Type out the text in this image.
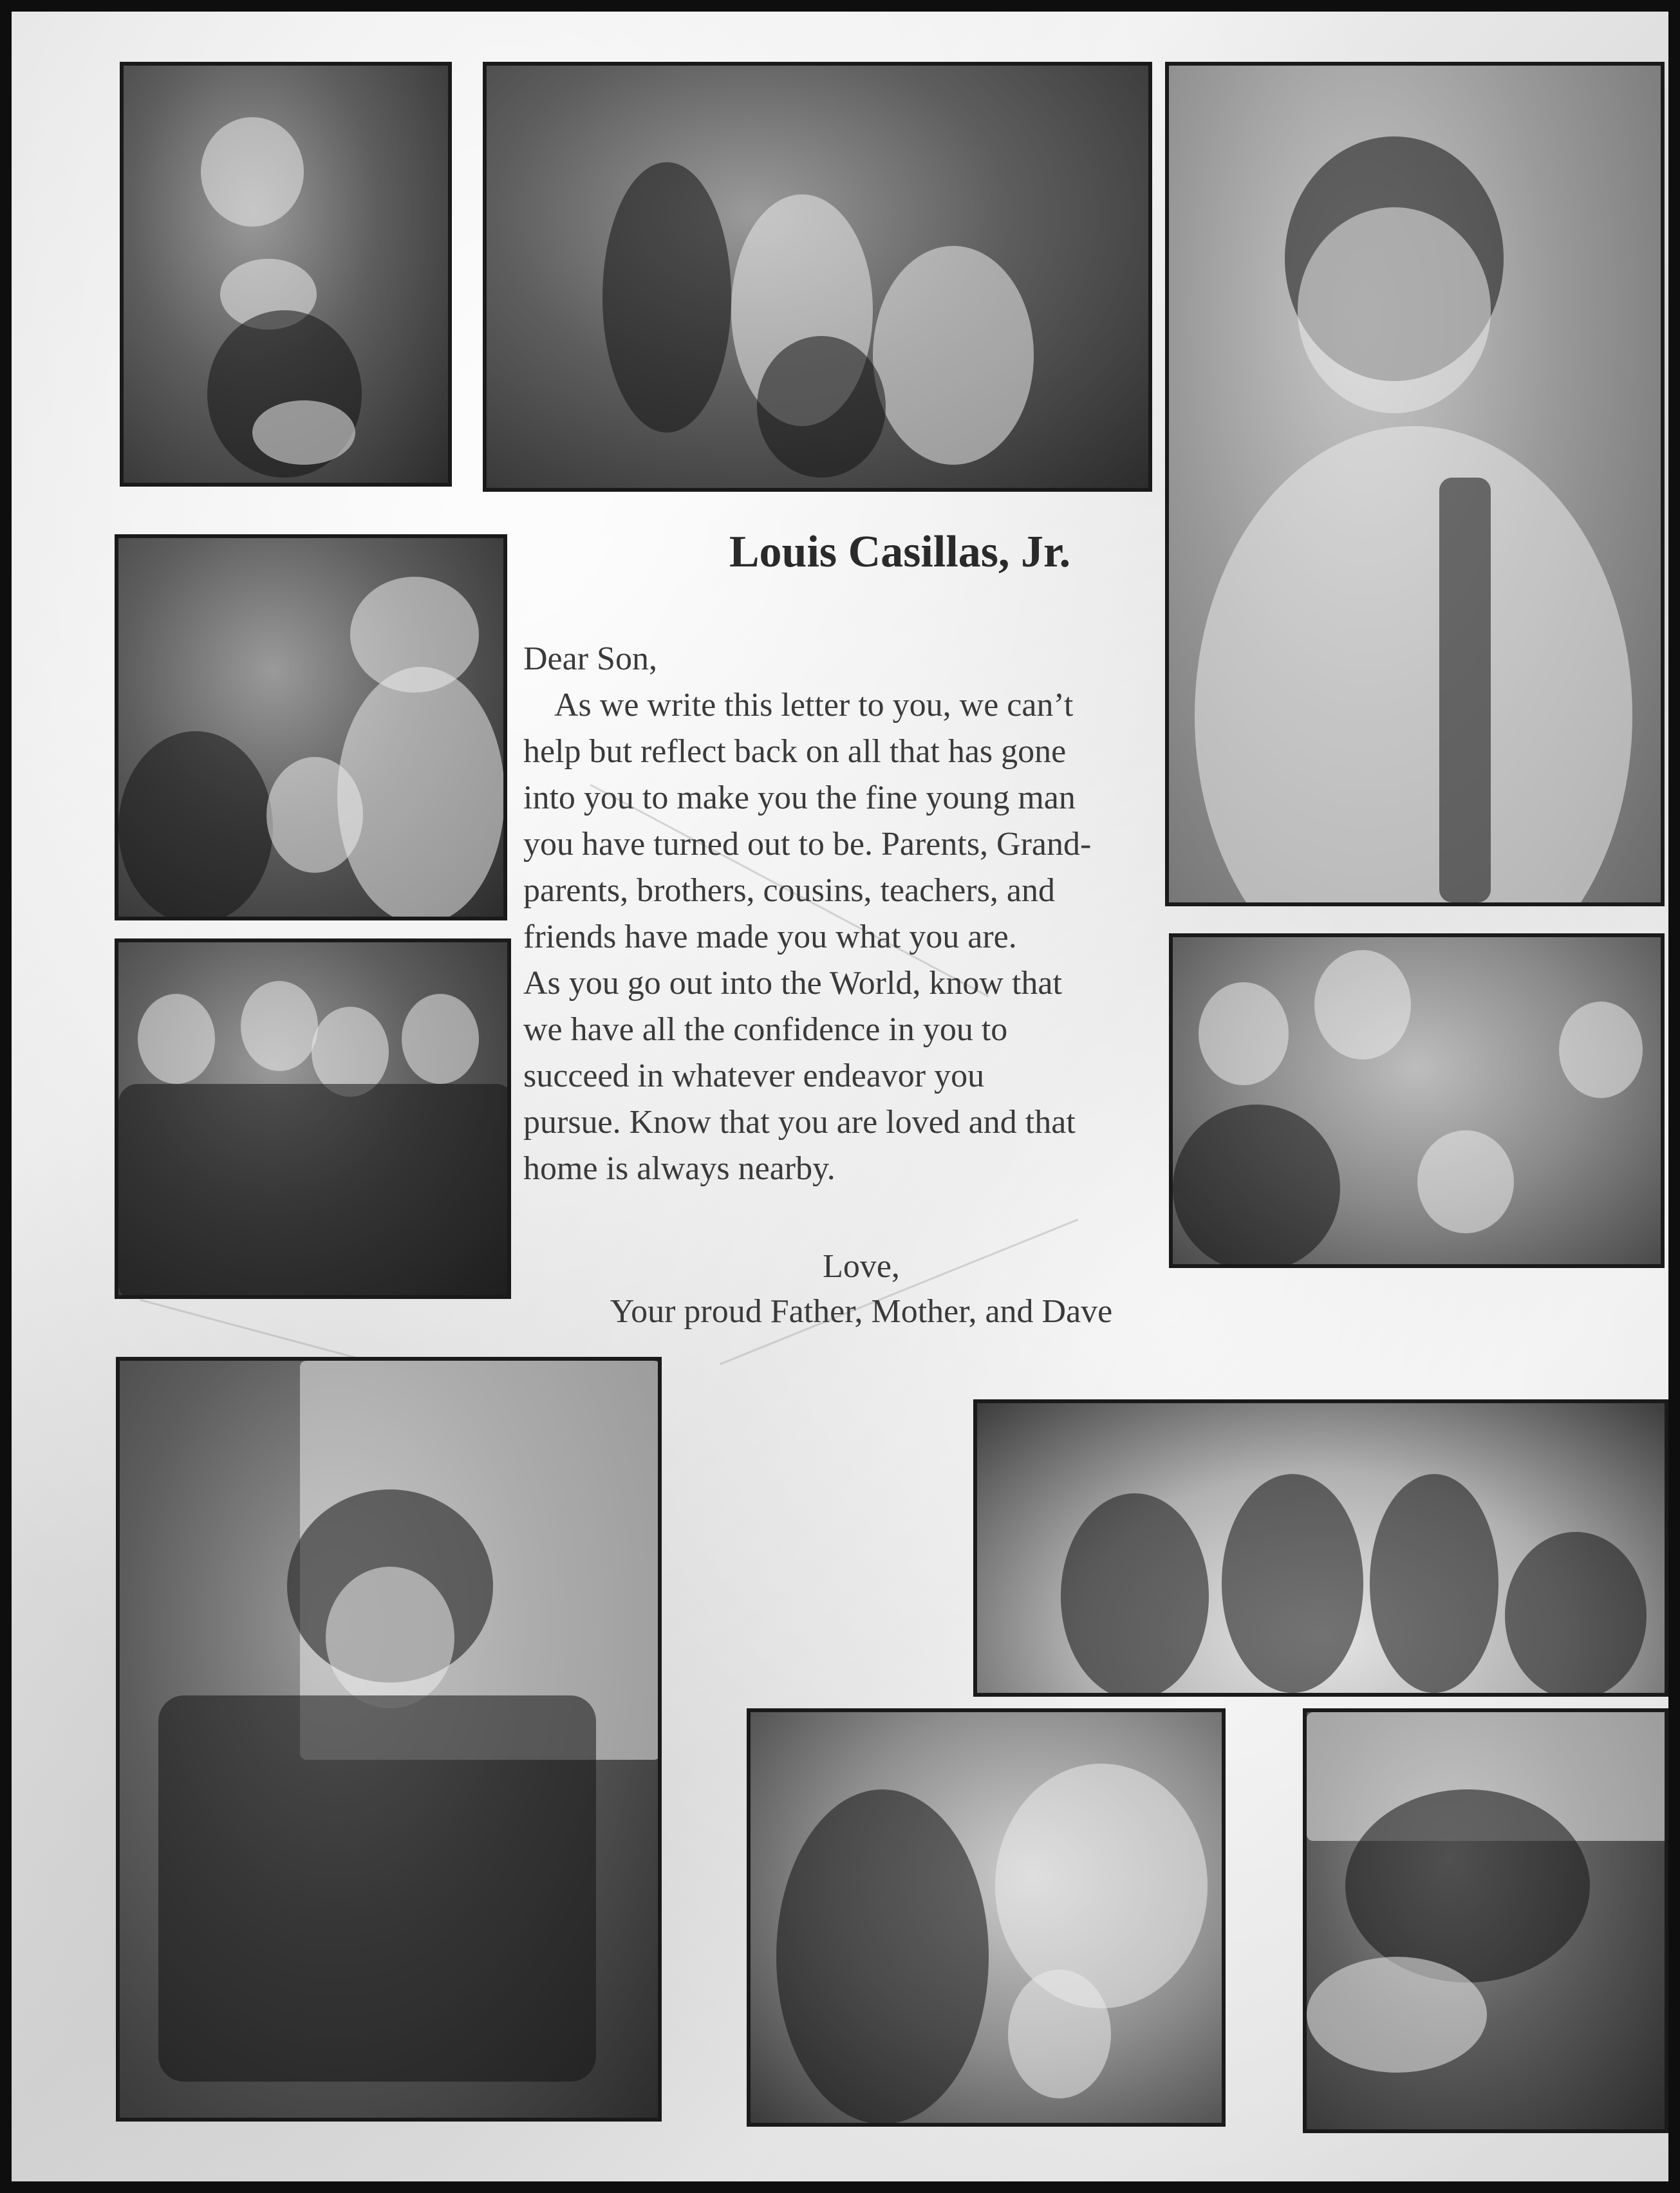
Louis Casillas, Jr.

Dear Son,

As we write this letter to you, we can’t

help but reflect back on all that has gone

into you to make you the fine young man

you have turned out to be. Parents, Grand-

parents, brothers, cousins, teachers, and

friends have made you what you are.

As you go out into the World, know that

we have all the confidence in you to

succeed in whatever endeavor you

pursue. Know that you are loved and that

home is always nearby.

Love,
Your proud Father, Mother, and Dave
